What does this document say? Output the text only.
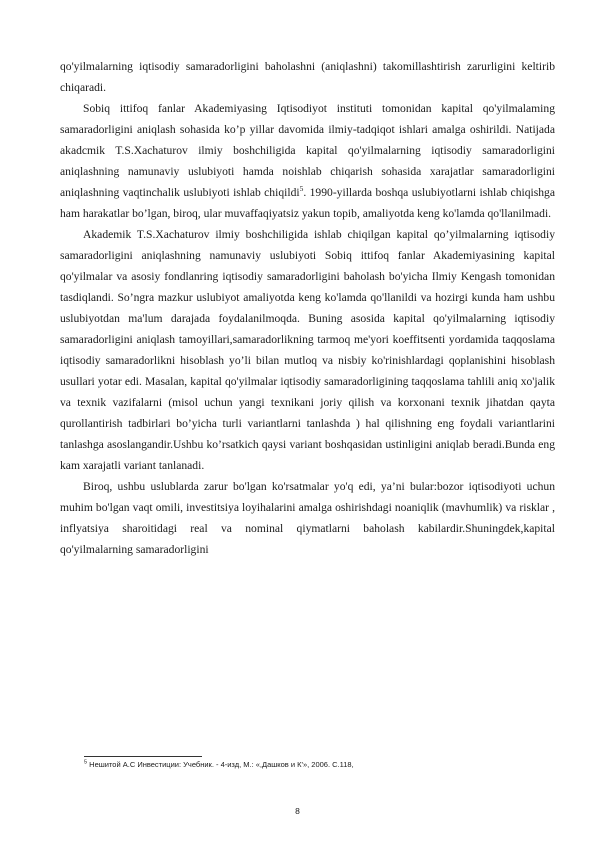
qo'yilmalarning iqtisodiy samaradorligini baholashni (aniqlashni) takomillashtirish zarurligini keltirib chiqaradi.

Sobiq ittifoq fanlar Akademiyasing Iqtisodiyot instituti tomonidan kapital qo'yilmalaming samaradorligini aniqlash sohasida ko’p yillar davomida ilmiy-tadqiqot ishlari amalga oshirildi. Natijada akadcmik T.S.Xachaturov ilmiy boshchiligida kapital qo'yilmalarning iqtisodiy samaradorligini aniqlashning namunaviy uslubiyoti hamda noishlab chiqarish sohasida xarajatlar samaradorligini aniqlashning vaqtinchalik uslubiyoti ishlab chiqildi$^5$. 1990-yillarda boshqa uslubiyotlarni ishlab chiqishga ham harakatlar bo’lgan, biroq, ular muvaffaqiyatsiz yakun topib, amaliyotda keng ko'lamda qo'llanilmadi.

Akademik T.S.Xachaturov ilmiy boshchiligida ishlab chiqilgan kapital qo’yilmalarning iqtisodiy samaradorligini aniqlashning namunaviy uslubiyoti Sobiq ittifoq fanlar Akademiyasining kapital qo'yilmalar va asosiy fondlanring iqtisodiy samaradorligini baholash bo'yicha Ilmiy Kengash tomonidan tasdiqlandi. So’ngra mazkur uslubiyot amaliyotda keng ko'lamda qo'llanildi va hozirgi kunda ham ushbu uslubiyotdan ma'lum darajada foydalanilmoqda. Buning asosida kapital qo'yilmalarning iqtisodiy samaradorligini aniqlash tamoyillari,samaradorlikning tarmoq me'yori koeffitsenti yordamida taqqoslama iqtisodiy samaradorlikni hisoblash yo’li bilan mutloq va nisbiy ko'rinishlardagi qoplanishini hisoblash usullari yotar edi. Masalan, kapital qo'yilmalar iqtisodiy samaradorligining taqqoslama tahlili aniq xo'jalik va texnik vazifalarni (misol uchun yangi texnikani joriy qilish va korxonani texnik jihatdan qayta qurollantirish tadbirlari bo’yicha turli variantlarni tanlashda ) hal qilishning eng foydali variantlarini tanlashga asoslangandir.Ushbu ko’rsatkich qaysi variant boshqasidan ustinligini aniqlab beradi.Bunda eng kam xarajatli variant tanlanadi.

Biroq, ushbu uslublarda zarur bo'lgan ko'rsatmalar yo'q edi, ya’ni bular:bozor iqtisodiyoti uchun muhim bo'lgan vaqt omili, investitsiya loyihalarini amalga oshirishdagi noaniqlik (mavhumlik) va risklar , inflyatsiya sharoitidagi real va nominal qiymatlarni baholash kabilardir.Shuningdek,kapital qo'yilmalarning samaradorligini

$^5$ Нешитой А.С Инвестиции: Учебник. - 4-изд, М.: «,Дашков и К'», 2006. С.118,
8
